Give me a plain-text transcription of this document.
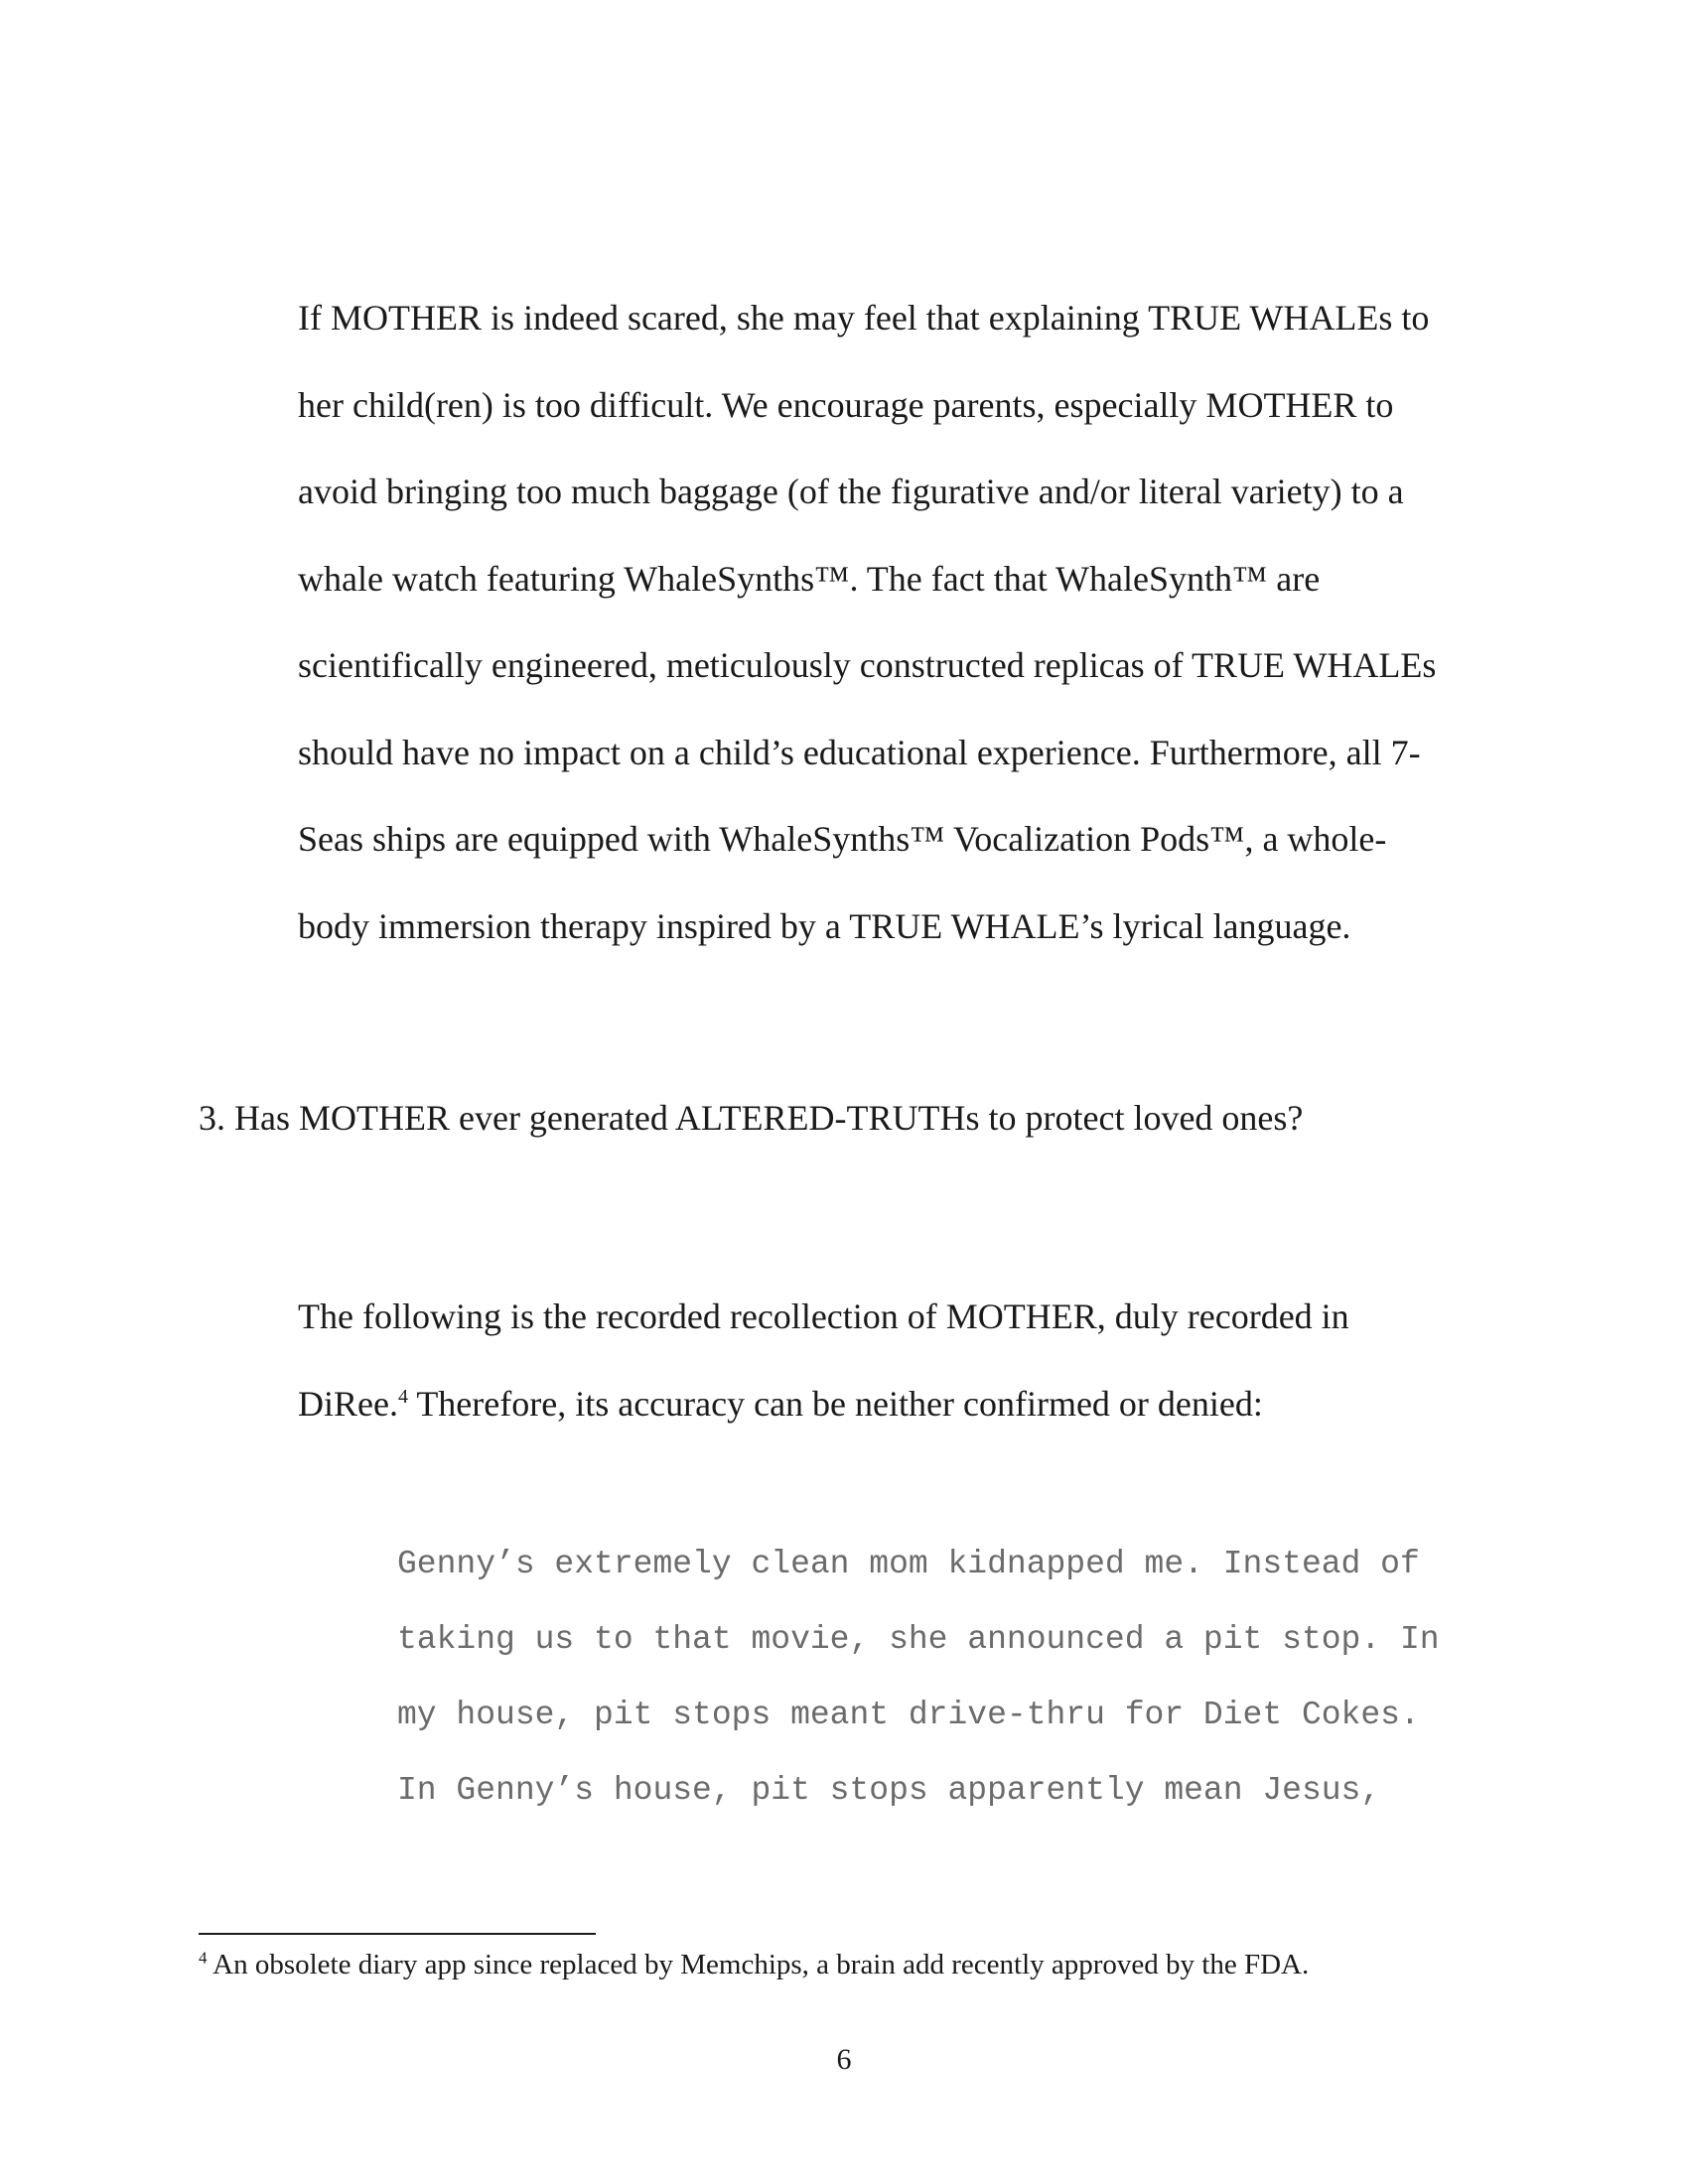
If MOTHER is indeed scared, she may feel that explaining TRUE WHALEs to
her child(ren) is too difficult. We encourage parents, especially MOTHER to
avoid bringing too much baggage (of the figurative and/or literal variety) to a
whale watch featuring WhaleSynths™. The fact that WhaleSynth™ are
scientifically engineered, meticulously constructed replicas of TRUE WHALEs
should have no impact on a child’s educational experience. Furthermore, all 7-
Seas ships are equipped with WhaleSynths™ Vocalization Pods™, a whole-
body immersion therapy inspired by a TRUE WHALE’s lyrical language.

3. Has MOTHER ever generated ALTERED-TRUTHs to protect loved ones?

The following is the recorded recollection of MOTHER, duly recorded in
DiRee.$^4$ Therefore, its accuracy can be neither confirmed or denied:

Genny’s extremely clean mom kidnapped me. Instead of
taking us to that movie, she announced a pit stop. In
my house, pit stops meant drive-thru for Diet Cokes.
In Genny’s house, pit stops apparently mean Jesus,

$^4$ An obsolete diary app since replaced by Memchips, a brain add recently approved by the FDA.

6
